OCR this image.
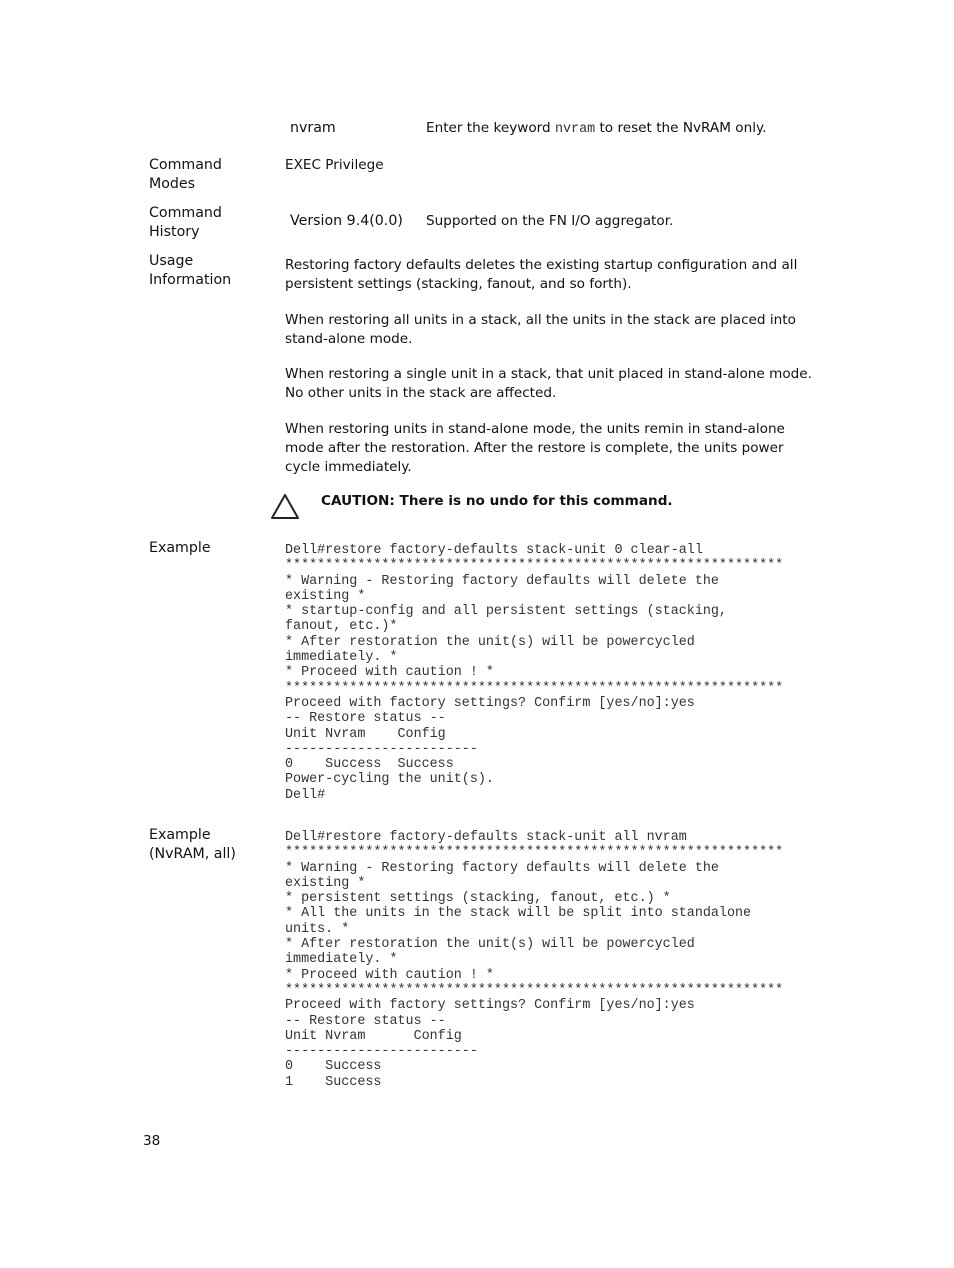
nvram	Enter the keyword nvram to reset the NvRAM only.
Command
Modes
EXEC Privilege
Command
History
Version 9.4(0.0) Supported on the FN I/O aggregator.
Usage
Information
Restoring factory defaults deletes the existing startup configuration and all persistent settings (stacking, fanout, and so forth).
When restoring all units in a stack, all the units in the stack are placed into stand-alone mode.
When restoring a single unit in a stack, that unit placed in stand-alone mode. No other units in the stack are affected.
When restoring units in stand-alone mode, the units remin in stand-alone mode after the restoration. After the restore is complete, the units power cycle immediately.
CAUTION: There is no undo for this command.
Example	Dell#restore factory-defaults stack-unit 0 clear-all
**************************************************************
* Warning - Restoring factory defaults will delete the
existing *
* startup-config and all persistent settings (stacking,
fanout, etc.)*
* After restoration the unit(s) will be powercycled
immediately. *
* Proceed with caution ! *
**************************************************************
Proceed with factory settings? Confirm [yes/no]:yes
-- Restore status --
Unit Nvram    Config
------------------------
0    Success  Success
Power-cycling the unit(s).
Dell#
Example
(NvRAM, all)
Dell#restore factory-defaults stack-unit all nvram
**************************************************************
* Warning - Restoring factory defaults will delete the
existing *
* persistent settings (stacking, fanout, etc.) *
* All the units in the stack will be split into standalone
units. *
* After restoration the unit(s) will be powercycled
immediately. *
* Proceed with caution ! *
**************************************************************
Proceed with factory settings? Confirm [yes/no]:yes
-- Restore status --
Unit Nvram      Config
------------------------
0    Success
1    Success
38
